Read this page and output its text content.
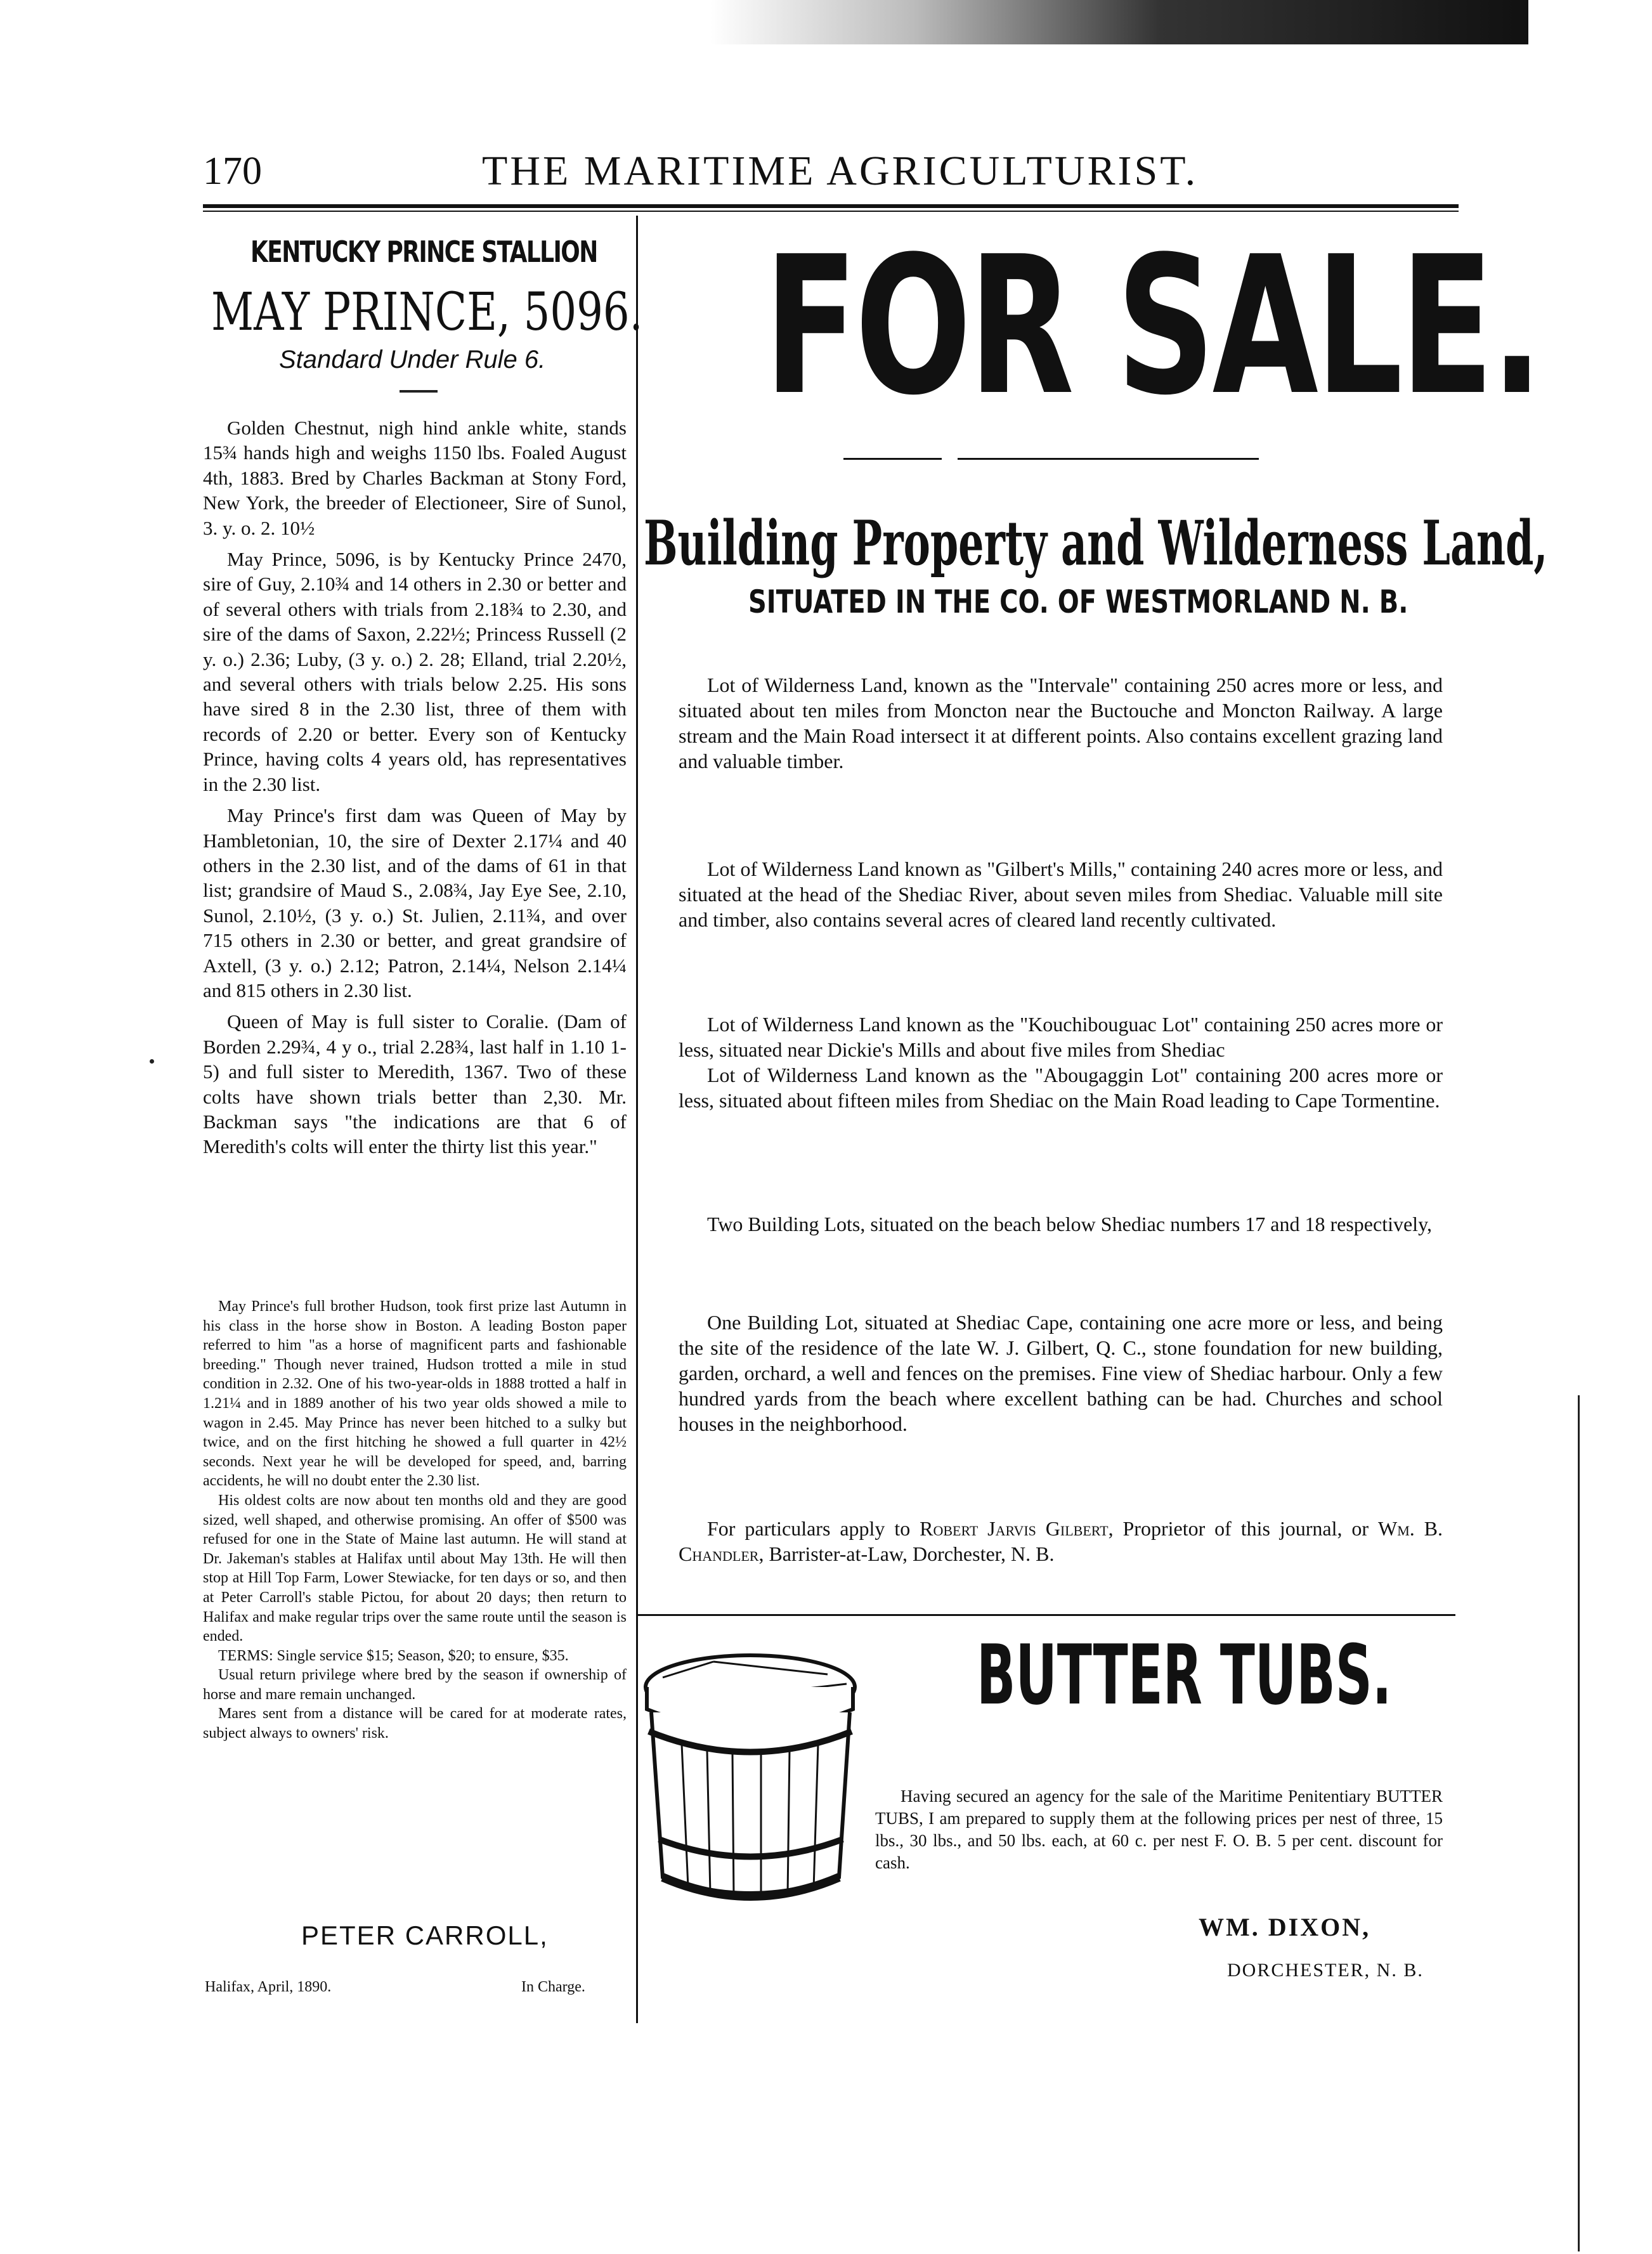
170	THE MARITIME AGRICULTURIST.
KENTUCKY PRINCE STALLION
MAY PRINCE, 5096.
Standard Under Rule 6.

Golden Chestnut, nigh hind ankle white, stands 15¾ hands high and weighs 1150 lbs. Foaled August 4th, 1883. Bred by Charles Backman at Stony Ford, New York, the breeder of Electioneer, Sire of Sunol, 3. y. o. 2. 10½

May Prince, 5096, is by Kentucky Prince 2470, sire of Guy, 2.10¾ and 14 others in 2.30 or better and of several others with trials from 2.18¾ to 2.30, and sire of the dams of Saxon, 2.22½; Princess Russell (2 y. o.) 2.36; Luby, (3 y. o.) 2. 28; Elland, trial 2.20½, and several others with trials below 2.25. His sons have sired 8 in the 2.30 list, three of them with records of 2.20 or better. Every son of Kentucky Prince, having colts 4 years old, has representatives in the 2.30 list.

May Prince's first dam was Queen of May by Hambletonian, 10, the sire of Dexter 2.17¼ and 40 others in the 2.30 list, and of the dams of 61 in that list; grandsire of Maud S., 2.08¾, Jay Eye See, 2.10, Sunol, 2.10½, (3 y. o.) St. Julien, 2.11¾, and over 715 others in 2.30 or better, and great grandsire of Axtell, (3 y. o.) 2.12; Patron, 2.14¼, Nelson 2.14¼ and 815 others in 2.30 list.

Queen of May is full sister to Coralie. (Dam of Borden 2.29¾, 4 y o., trial 2.28¾, last half in 1.10 1-5) and full sister to Meredith, 1367. Two of these colts have shown trials better than 2,30. Mr. Backman says "the indications are that 6 of Meredith's colts will enter the thirty list this year."

May Prince's full brother Hudson, took first prize last Autumn in his class in the horse show in Boston. A leading Boston paper referred to him "as a horse of magnificent parts and fashionable breeding." Though never trained, Hudson trotted a mile in stud condition in 2.32. One of his two-year-olds in 1888 trotted a half in 1.21¼ and in 1889 another of his two year olds showed a mile to wagon in 2.45. May Prince has never been hitched to a sulky but twice, and on the first hitching he showed a full quarter in 42½ seconds. Next year he will be developed for speed, and, barring accidents, he will no doubt enter the 2.30 list.

His oldest colts are now about ten months old and they are good sized, well shaped, and otherwise promising. An offer of $500 was refused for one in the State of Maine last autumn. He will stand at Dr. Jakeman's stables at Halifax until about May 13th. He will then stop at Hill Top Farm, Lower Stewiacke, for ten days or so, and then at Peter Carroll's stable Pictou, for about 20 days; then return to Halifax and make regular trips over the same route until the season is ended.

TERMS: Single service $15; Season, $20; to ensure, $35.

Usual return privilege where bred by the season if ownership of horse and mare remain unchanged.

Mares sent from a distance will be cared for at moderate rates, subject always to owners' risk.

PETER CARROLL,
Halifax, April, 1890.	In Charge.
FOR SALE.
Building Property and Wilderness Land,
SITUATED IN THE CO. OF WESTMORLAND N. B.

Lot of Wilderness Land, known as the "Intervale" containing 250 acres more or less, and situated about ten miles from Moncton near the Buctouche and Moncton Railway. A large stream and the Main Road intersect it at different points. Also contains excellent grazing land and valuable timber.

Lot of Wilderness Land known as "Gilbert's Mills," containing 240 acres more or less, and situated at the head of the Shediac River, about seven miles from Shediac. Valuable mill site and timber, also contains several acres of cleared land recently cultivated.

Lot of Wilderness Land known as the "Kouchibouguac Lot" containing 250 acres more or less, situated near Dickie's Mills and about five miles from Shediac

Lot of Wilderness Land known as the "Abougaggin Lot" containing 200 acres more or less, situated about fifteen miles from Shediac on the Main Road leading to Cape Tormentine.

Two Building Lots, situated on the beach below Shediac numbers 17 and 18 respectively,

One Building Lot, situated at Shediac Cape, containing one acre more or less, and being the site of the residence of the late W. J. Gilbert, Q. C., stone foundation for new building, garden, orchard, a well and fences on the premises. Fine view of Shediac harbour. Only a few hundred yards from the beach where excellent bathing can be had. Churches and school houses in the neighborhood.

For particulars apply to Robert Jarvis Gilbert, Proprietor of this journal, or Wm. B. Chandler, Barrister-at-Law, Dorchester, N. B.

BUTTER TUBS.

Having secured an agency for the sale of the Maritime Penitentiary BUTTER TUBS, I am prepared to supply them at the following prices per nest of three, 15 lbs., 30 lbs., and 50 lbs. each, at 60 c. per nest F. O. B. 5 per cent. discount for cash.

WM. DIXON,
DORCHESTER, N. B.
